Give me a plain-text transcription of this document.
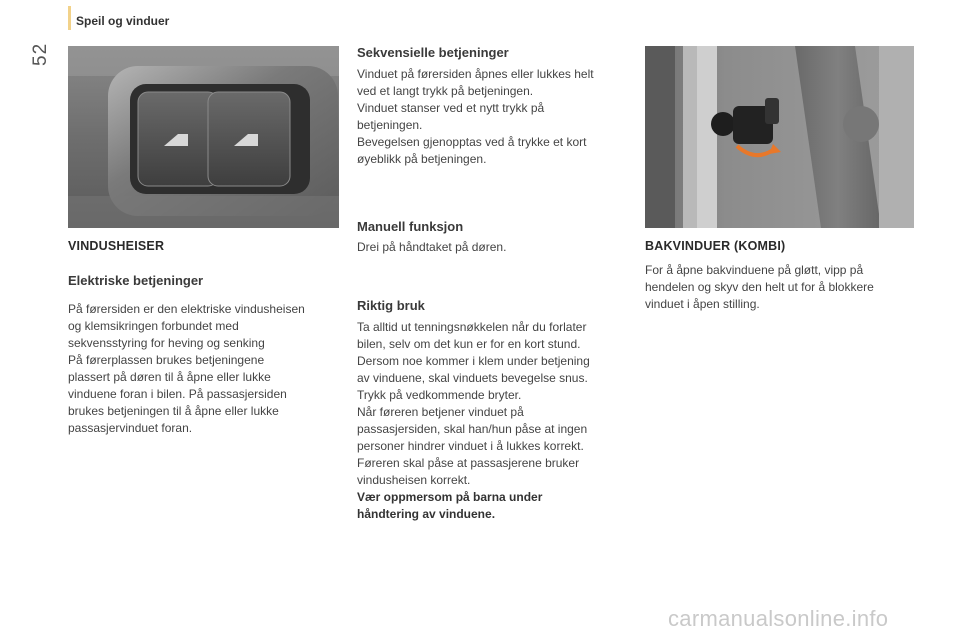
52
Speil og vinduer
VINDUSHEISER
Elektriske betjeninger
På førersiden er den elektriske vindusheisen
og klemsikringen forbundet med
sekvensstyring for heving og senking
På førerplassen brukes betjeningene
plassert på døren til å åpne eller lukke
vinduene foran i bilen. På passasjersiden
brukes betjeningen til å åpne eller lukke
passasjervinduet foran.
Sekvensielle betjeninger
Vinduet på førersiden åpnes eller lukkes helt
ved et langt trykk på betjeningen.
Vinduet stanser ved et nytt trykk på
betjeningen.
Bevegelsen gjenopptas ved å trykke et kort
øyeblikk på betjeningen.
Manuell funksjon
Drei på håndtaket på døren.
Riktig bruk
Ta alltid ut tenningsnøkkelen når du forlater
bilen, selv om det kun er for en kort stund.
Dersom noe kommer i klem under betjening
av vinduene, skal vinduets bevegelse snus.
Trykk på vedkommende bryter.
Når føreren betjener vinduet på
passasjersiden, skal han/hun påse at ingen
personer hindrer vinduet i å lukkes korrekt.
Føreren skal påse at passasjerene bruker
vindusheisen korrekt.
Vær oppmersom på barna under
håndtering av vinduene.
BAKVINDUER (KOMBI)
For å åpne bakvinduene på gløtt, vipp på
hendelen og skyv den helt ut for å blokkere
vinduet i åpen stilling.
carmanualsonline.info
